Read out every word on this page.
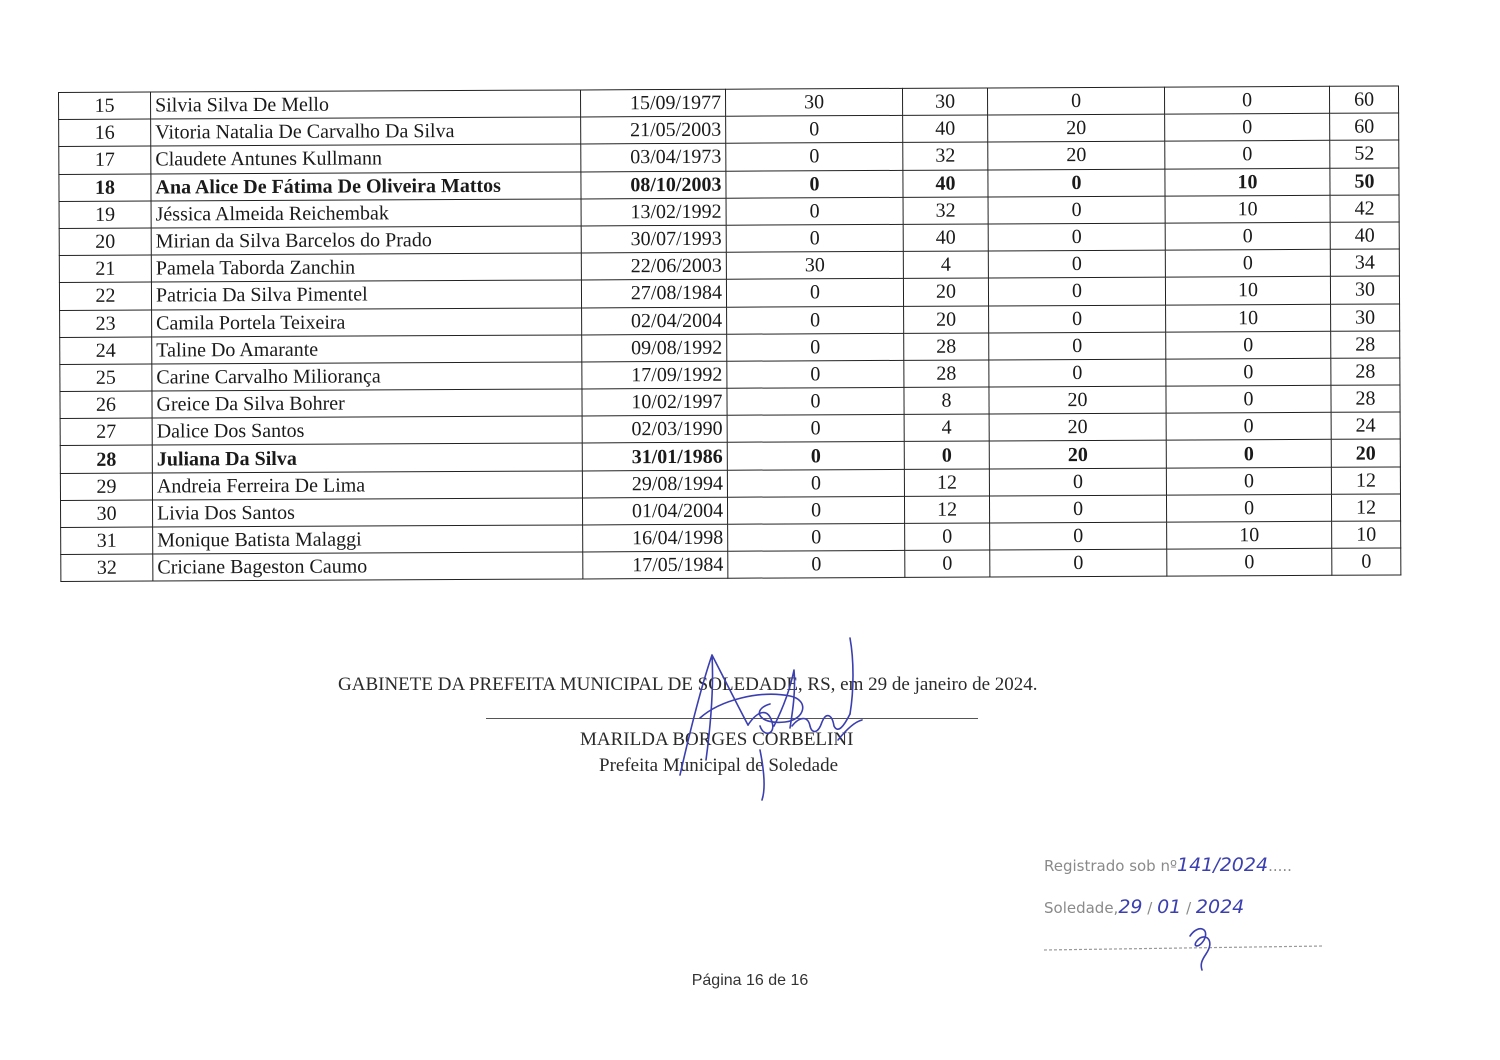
15	Silvia Silva De Mello	15/09/1977	30	30	0	0	60
16	Vitoria Natalia De Carvalho Da Silva	21/05/2003	0	40	20	0	60
17	Claudete Antunes Kullmann	03/04/1973	0	32	20	0	52
18	Ana Alice De Fátima De Oliveira Mattos	08/10/2003	0	40	0	10	50
19	Jéssica Almeida Reichembak	13/02/1992	0	32	0	10	42
20	Mirian da Silva Barcelos do Prado	30/07/1993	0	40	0	0	40
21	Pamela Taborda Zanchin	22/06/2003	30	4	0	0	34
22	Patricia Da Silva Pimentel	27/08/1984	0	20	0	10	30
23	Camila Portela Teixeira	02/04/2004	0	20	0	10	30
24	Taline Do Amarante	09/08/1992	0	28	0	0	28
25	Carine Carvalho Miliorança	17/09/1992	0	28	0	0	28
26	Greice Da Silva Bohrer	10/02/1997	0	8	20	0	28
27	Dalice Dos Santos	02/03/1990	0	4	20	0	24
28	Juliana Da Silva	31/01/1986	0	0	20	0	20
29	Andreia Ferreira De Lima	29/08/1994	0	12	0	0	12
30	Livia Dos Santos	01/04/2004	0	12	0	0	12
31	Monique Batista Malaggi	16/04/1998	0	0	0	10	10
32	Criciane Bageston Caumo	17/05/1984	0	0	0	0	0
GABINETE DA PREFEITA MUNICIPAL DE SOLEDADE, RS, em 29 de janeiro de 2024.
MARILDA BORGES CORBELINI
Prefeita Municipal de Soledade
Registrado sob nº141/2024.....
Soledade,29 / 01 / 2024
Página 16 de 16
